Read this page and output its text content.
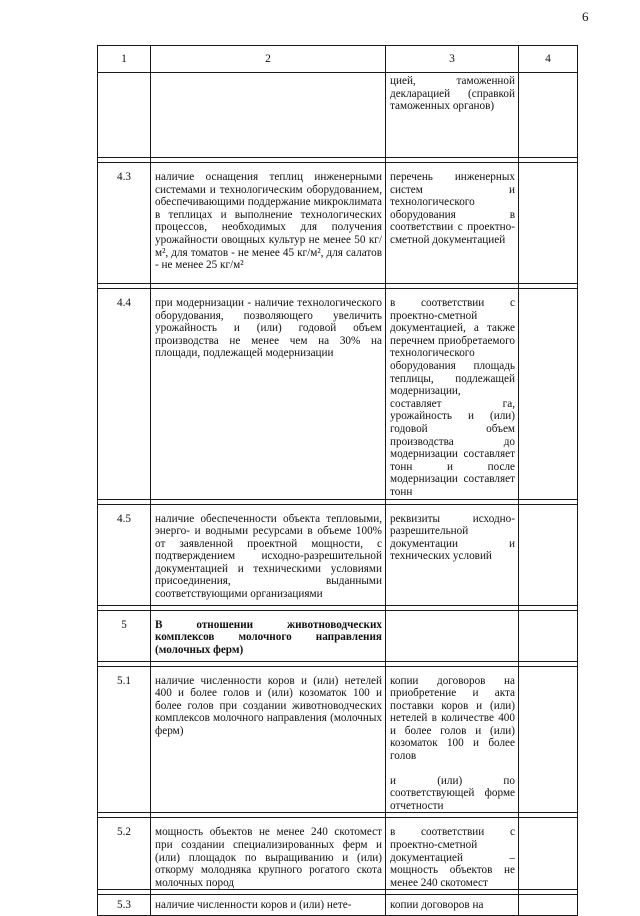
6
1	2	3	4
		цией, таможенной декларацией (справкой таможенных органов)	

4.3	наличие оснащения теплиц инженерными системами и технологическим оборудованием, обеспечивающими поддержание микроклимата в теплицах и выполнение технологических процессов, необходимых для получения урожайности овощных культур не менее 50 кг/м², для томатов - не менее 45 кг/м², для салатов - не менее 25 кг/м²	перечень инженерных систем и технологического оборудования в соответствии с проектно-сметной документацией	

4.4	при модернизации - наличие технологического оборудования, позволяющего увеличить урожайность и (или) годовой объем производства не менее чем на 30% на площади, подлежащей модернизации	в соответствии с проектно-сметной документацией, а также перечнем приобретаемого технологического оборудования площадь теплицы, подлежащей модернизации, составляет га, урожайность и (или) годовой объем производства до модернизации составляет тонн и после модернизации составляет тонн	

4.5	наличие обеспеченности объекта тепловыми, энерго- и водными ресурсами в объеме 100% от заявленной проектной мощности, с подтверждением исходно-разрешительной документацией и техническими условиями присоединения, выданными соответствующими организациями	реквизиты исходно-разрешительной документации и технических условий	

5	В отношении животноводческих комплексов молочного направления (молочных ферм)		

5.1	наличие численности коров и (или) нетелей 400 и более голов и (или) козоматок 100 и более голов при создании животноводческих комплексов молочного направления (молочных ферм)	копии договоров на приобретение и акта поставки коров и (или) нетелей в количестве 400 и более голов и (или) козоматок 100 и более голов
и (или) по соответствующей форме отчетности	

5.2	мощность объектов не менее 240 скотомест при создании специализированных ферм и (или) площадок по выращиванию и (или) откорму молодняка крупного рогатого скота молочных пород	в соответствии с проектно-сметной документацией – мощность объектов не менее 240 скотомест	

5.3	наличие численности коров и (или) нете-	копии договоров на	
